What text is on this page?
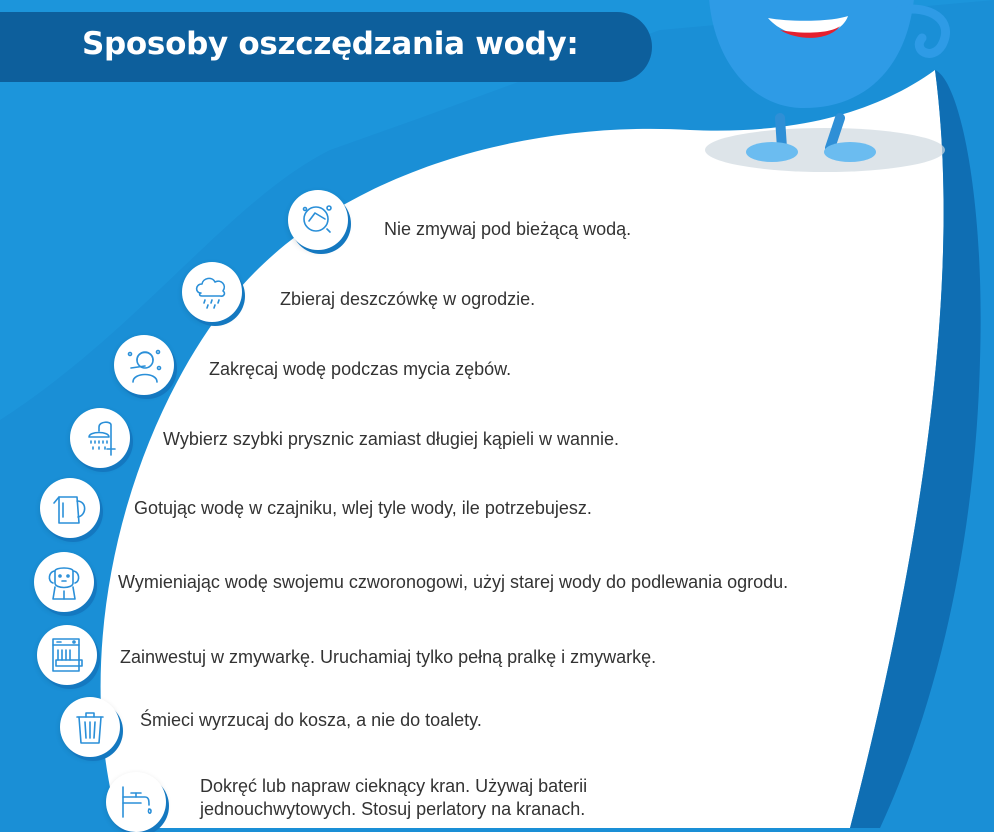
Sposoby oszczędzania wody:

Nie zmywaj pod bieżącą wodą.

Zbieraj deszczówkę w ogrodzie.

Zakręcaj wodę podczas mycia zębów.

Wybierz szybki prysznic zamiast długiej kąpieli w wannie.

Gotując wodę w czajniku, wlej tyle wody, ile potrzebujesz.

Wymieniając wodę swojemu czworonogowi, użyj starej wody do podlewania ogrodu.

Zainwestuj w zmywarkę. Uruchamiaj tylko pełną pralkę i zmywarkę.

Śmieci wyrzucaj do kosza, a nie do toalety.

Dokręć lub napraw cieknący kran. Używaj baterii jednouchwytowych. Stosuj perlatory na kranach.
